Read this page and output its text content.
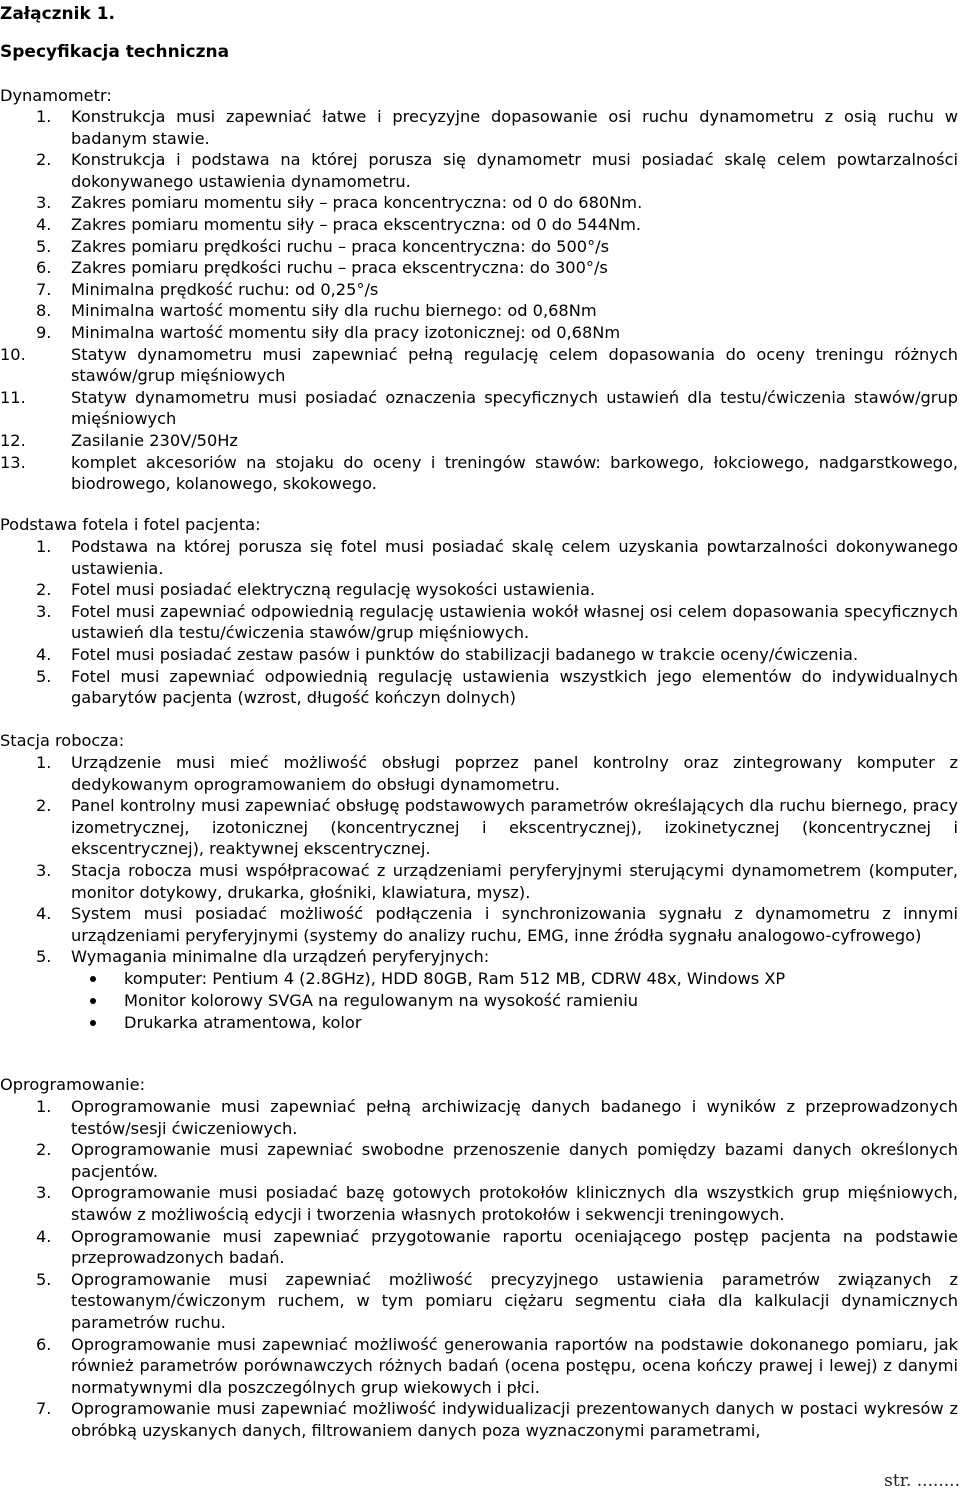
Załącznik 1.
Specyfikacja techniczna

Dynamometr:

1.	Konstrukcja musi zapewniać łatwe i precyzyjne dopasowanie osi ruchu dynamometru z osią ruchu w badanym stawie.
2.	Konstrukcja i podstawa na której porusza się dynamometr musi posiadać skalę celem powtarzalności dokonywanego ustawienia dynamometru.
3.	Zakres pomiaru momentu siły – praca koncentryczna: od 0 do 680Nm.
4.	Zakres pomiaru momentu siły – praca ekscentryczna: od 0 do 544Nm.
5.	Zakres pomiaru prędkości ruchu – praca koncentryczna: do 500°/s
6.	Zakres pomiaru prędkości ruchu – praca ekscentryczna: do 300°/s
7.	Minimalna prędkość ruchu: od 0,25°/s
8.	Minimalna wartość momentu siły dla ruchu biernego: od 0,68Nm
9.	Minimalna wartość momentu siły dla pracy izotonicznej: od 0,68Nm
10.	Statyw dynamometru musi zapewniać pełną regulację celem dopasowania do oceny treningu różnych stawów/grup mięśniowych
11.	Statyw dynamometru musi posiadać oznaczenia specyficznych ustawień dla testu/ćwiczenia stawów/grup mięśniowych
12.	Zasilanie 230V/50Hz
13.	komplet akcesoriów na stojaku do oceny i treningów stawów: barkowego, łokciowego, nadgarstkowego, biodrowego, kolanowego, skokowego.

Podstawa fotela i fotel pacjenta:

1.	Podstawa na której porusza się fotel musi posiadać skalę celem uzyskania powtarzalności dokonywanego ustawienia.
2.	Fotel musi posiadać elektryczną regulację wysokości ustawienia.
3.	Fotel musi zapewniać odpowiednią regulację ustawienia wokół własnej osi celem dopasowania specyficznych ustawień dla testu/ćwiczenia stawów/grup mięśniowych.
4.	Fotel musi posiadać zestaw pasów i punktów do stabilizacji badanego w trakcie oceny/ćwiczenia.
5.	Fotel musi zapewniać odpowiednią regulację ustawienia wszystkich jego elementów do indywidualnych gabarytów pacjenta (wzrost, długość kończyn dolnych)

Stacja robocza:

1.	Urządzenie musi mieć możliwość obsługi poprzez panel kontrolny oraz zintegrowany komputer z dedykowanym oprogramowaniem do obsługi dynamometru.
2.	Panel kontrolny musi zapewniać obsługę podstawowych parametrów określających dla ruchu biernego, pracy izometrycznej, izotonicznej (koncentrycznej i ekscentrycznej), izokinetycznej (koncentrycznej i ekscentrycznej), reaktywnej ekscentrycznej.
3.	Stacja robocza musi współpracować z urządzeniami peryferyjnymi sterującymi dynamometrem (komputer, monitor dotykowy, drukarka, głośniki, klawiatura, mysz).
4.	System musi posiadać możliwość podłączenia i synchronizowania sygnału z dynamometru z innymi urządzeniami peryferyjnymi (systemy do analizy ruchu, EMG, inne źródła sygnału analogowo-cyfrowego)
5.	Wymagania minimalne dla urządzeń peryferyjnych:
komputer: Pentium 4 (2.8GHz), HDD 80GB, Ram 512 MB, CDRW 48x, Windows XP
Monitor kolorowy SVGA na regulowanym na wysokość ramieniu
Drukarka atramentowa, kolor

Oprogramowanie:

1.	Oprogramowanie musi zapewniać pełną archiwizację danych badanego i wyników z przeprowadzonych testów/sesji ćwiczeniowych.
2.	Oprogramowanie musi zapewniać swobodne przenoszenie danych pomiędzy bazami danych określonych pacjentów.
3.	Oprogramowanie musi posiadać bazę gotowych protokołów klinicznych dla wszystkich grup mięśniowych, stawów z możliwością edycji i tworzenia własnych protokołów i sekwencji treningowych.
4.	Oprogramowanie musi zapewniać przygotowanie raportu oceniającego postęp pacjenta na podstawie przeprowadzonych badań.
5.	Oprogramowanie musi zapewniać możliwość precyzyjnego ustawienia parametrów związanych z testowanym/ćwiczonym ruchem, w tym pomiaru ciężaru segmentu ciała dla kalkulacji dynamicznych parametrów ruchu.
6.	Oprogramowanie musi zapewniać możliwość generowania raportów na podstawie dokonanego pomiaru, jak również parametrów porównawczych różnych badań (ocena postępu, ocena kończy prawej i lewej) z danymi normatywnymi dla poszczególnych grup wiekowych i płci.
7.	Oprogramowanie musi zapewniać możliwość indywidualizacji prezentowanych danych w postaci wykresów z obróbką uzyskanych danych, filtrowaniem danych poza wyznaczonymi parametrami,
str. ........
